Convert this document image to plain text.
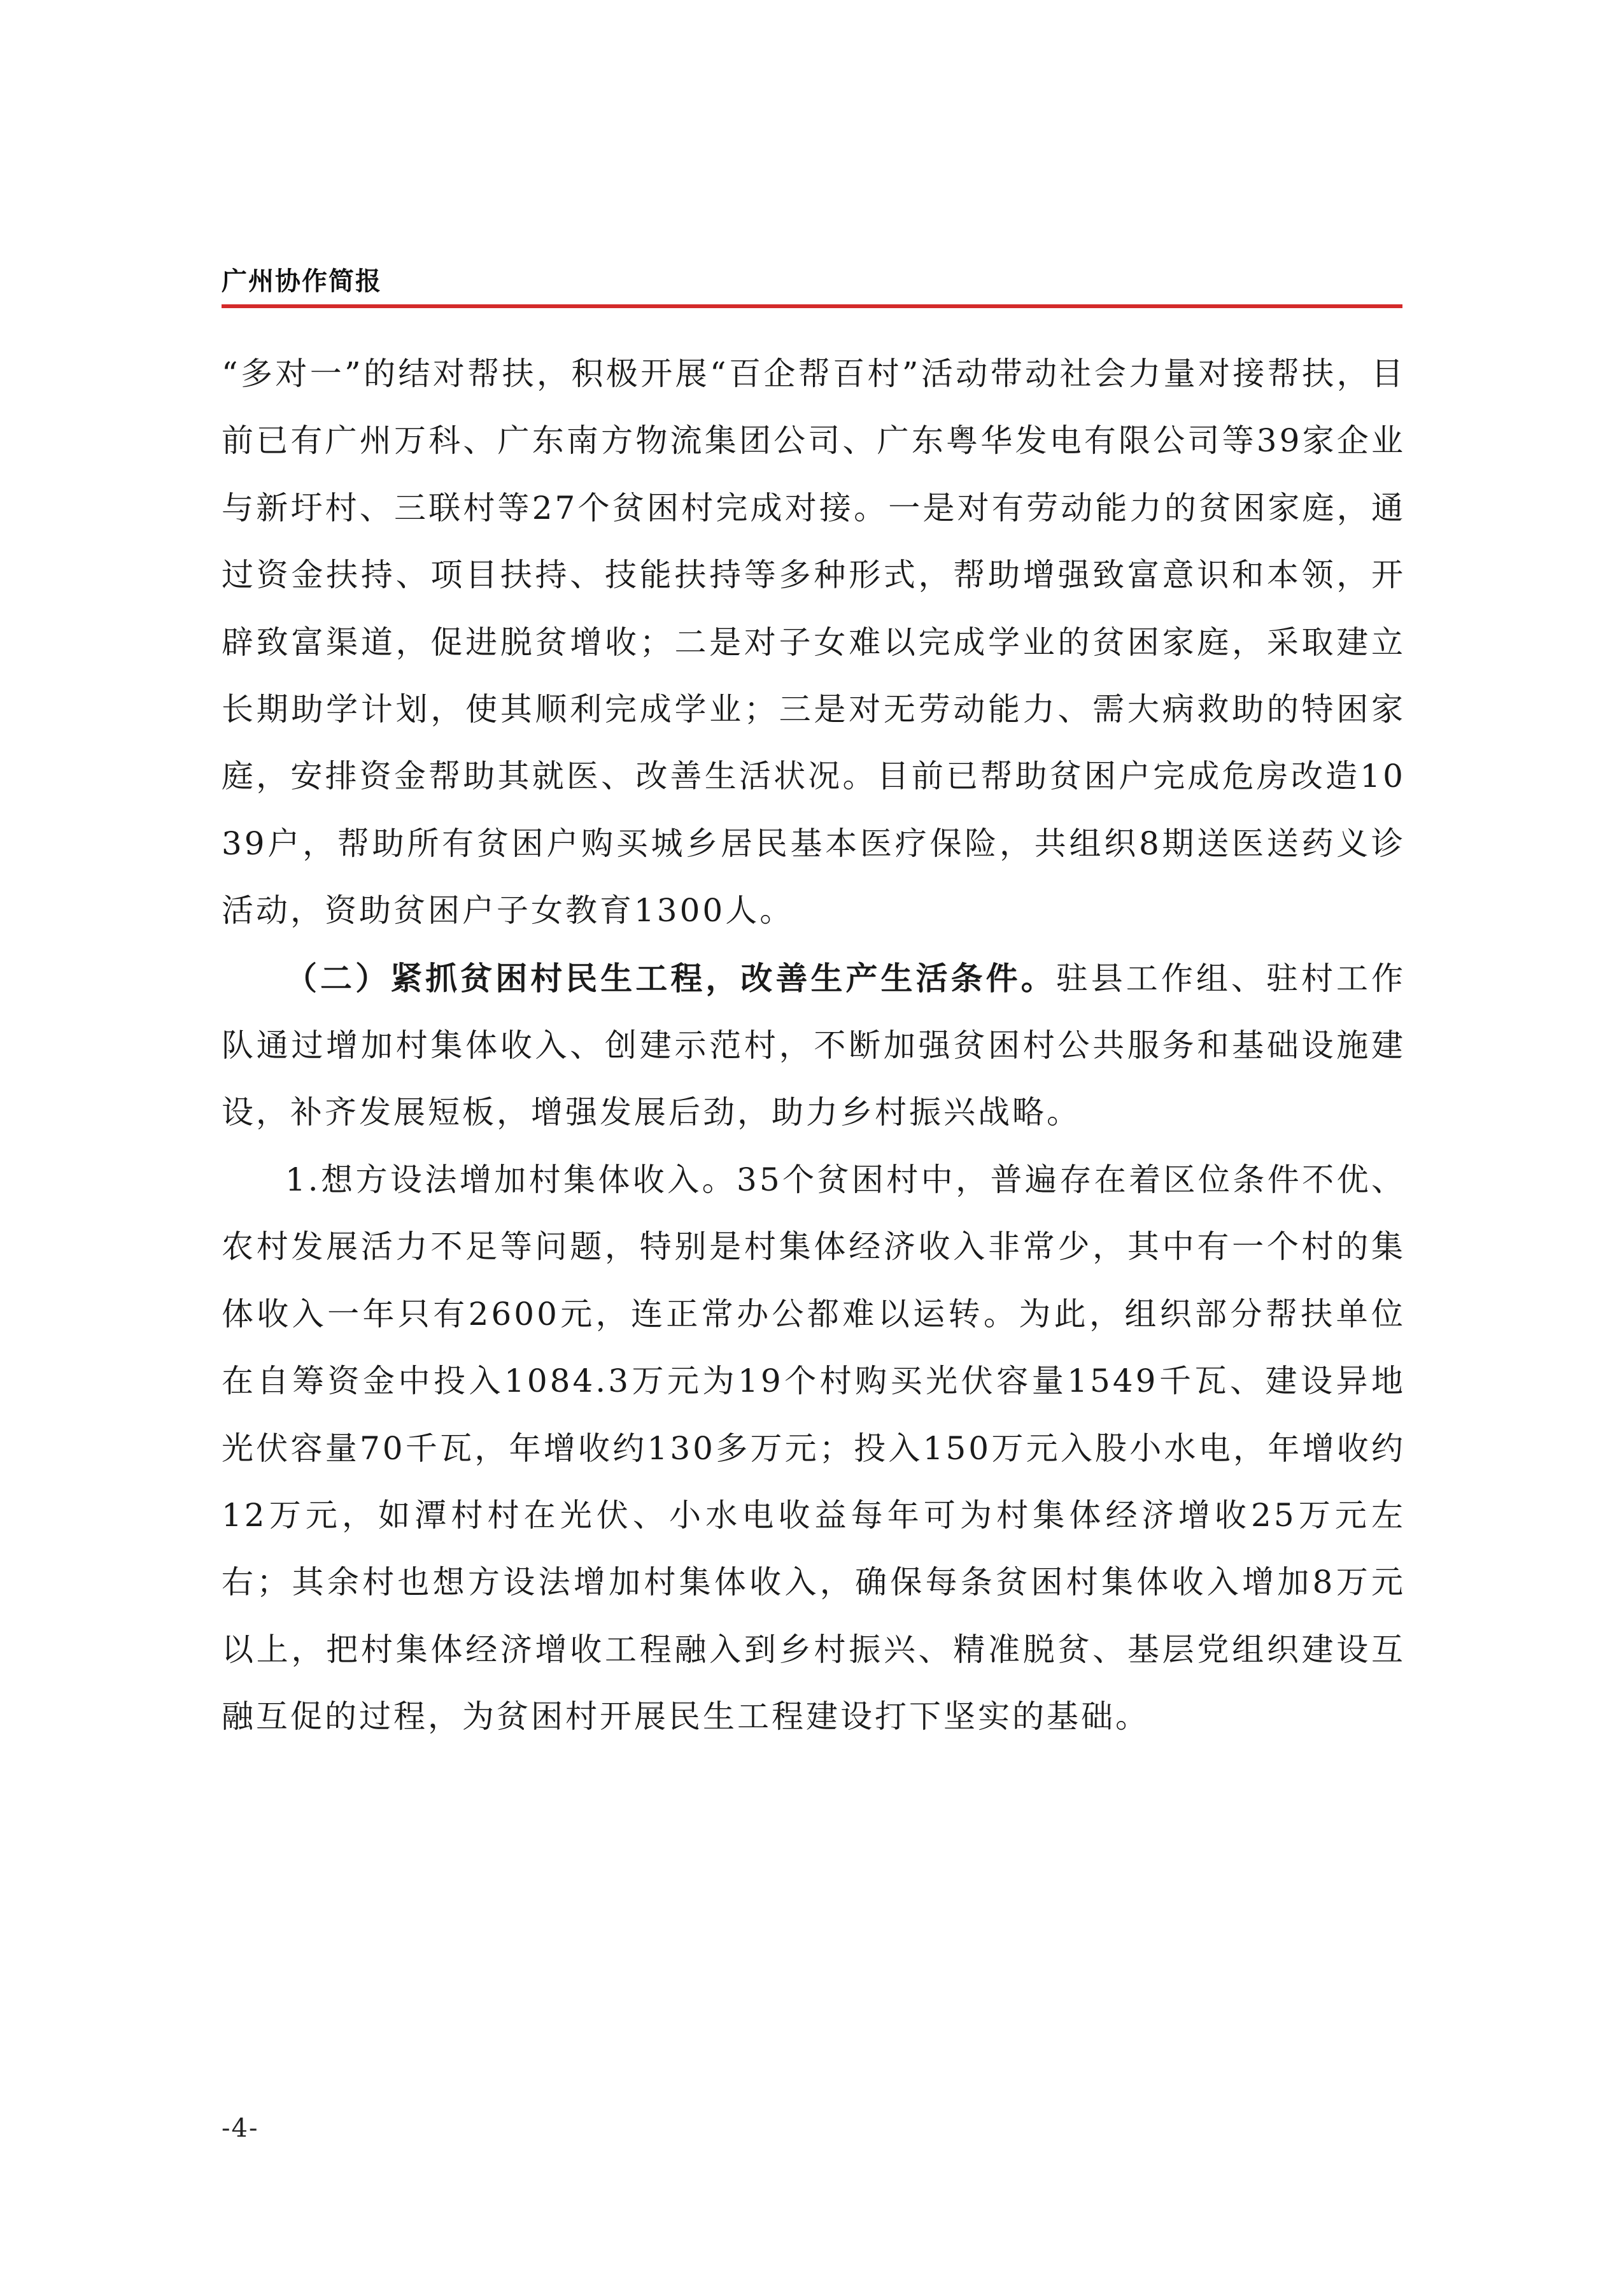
广州协作简报

“多对一”的结对帮扶，积极开展“百企帮百村”活动带动社会力量对接帮扶，目前已有广州万科、广东南方物流集团公司、广东粤华发电有限公司等39家企业与新圩村、三联村等27个贫困村完成对接。一是对有劳动能力的贫困家庭，通过资金扶持、项目扶持、技能扶持等多种形式，帮助增强致富意识和本领，开辟致富渠道，促进脱贫增收；二是对子女难以完成学业的贫困家庭，采取建立长期助学计划，使其顺利完成学业；三是对无劳动能力、需大病救助的特困家庭，安排资金帮助其就医、改善生活状况。目前已帮助贫困户完成危房改造1039户，帮助所有贫困户购买城乡居民基本医疗保险，共组织8期送医送药义诊活动，资助贫困户子女教育1300人。

（二）紧抓贫困村民生工程，改善生产生活条件。驻县工作组、驻村工作队通过增加村集体收入、创建示范村，不断加强贫困村公共服务和基础设施建设，补齐发展短板，增强发展后劲，助力乡村振兴战略。

1.想方设法增加村集体收入。35个贫困村中，普遍存在着区位条件不优、农村发展活力不足等问题，特别是村集体经济收入非常少，其中有一个村的集体收入一年只有2600元，连正常办公都难以运转。为此，组织部分帮扶单位在自筹资金中投入1084.3万元为19个村购买光伏容量1549千瓦、建设异地光伏容量70千瓦，年增收约130多万元；投入150万元入股小水电，年增收约12万元，如潭村村在光伏、小水电收益每年可为村集体经济增收25万元左右；其余村也想方设法增加村集体收入，确保每条贫困村集体收入增加8万元以上，把村集体经济增收工程融入到乡村振兴、精准脱贫、基层党组织建设互融互促的过程，为贫困村开展民生工程建设打下坚实的基础。

-4-
